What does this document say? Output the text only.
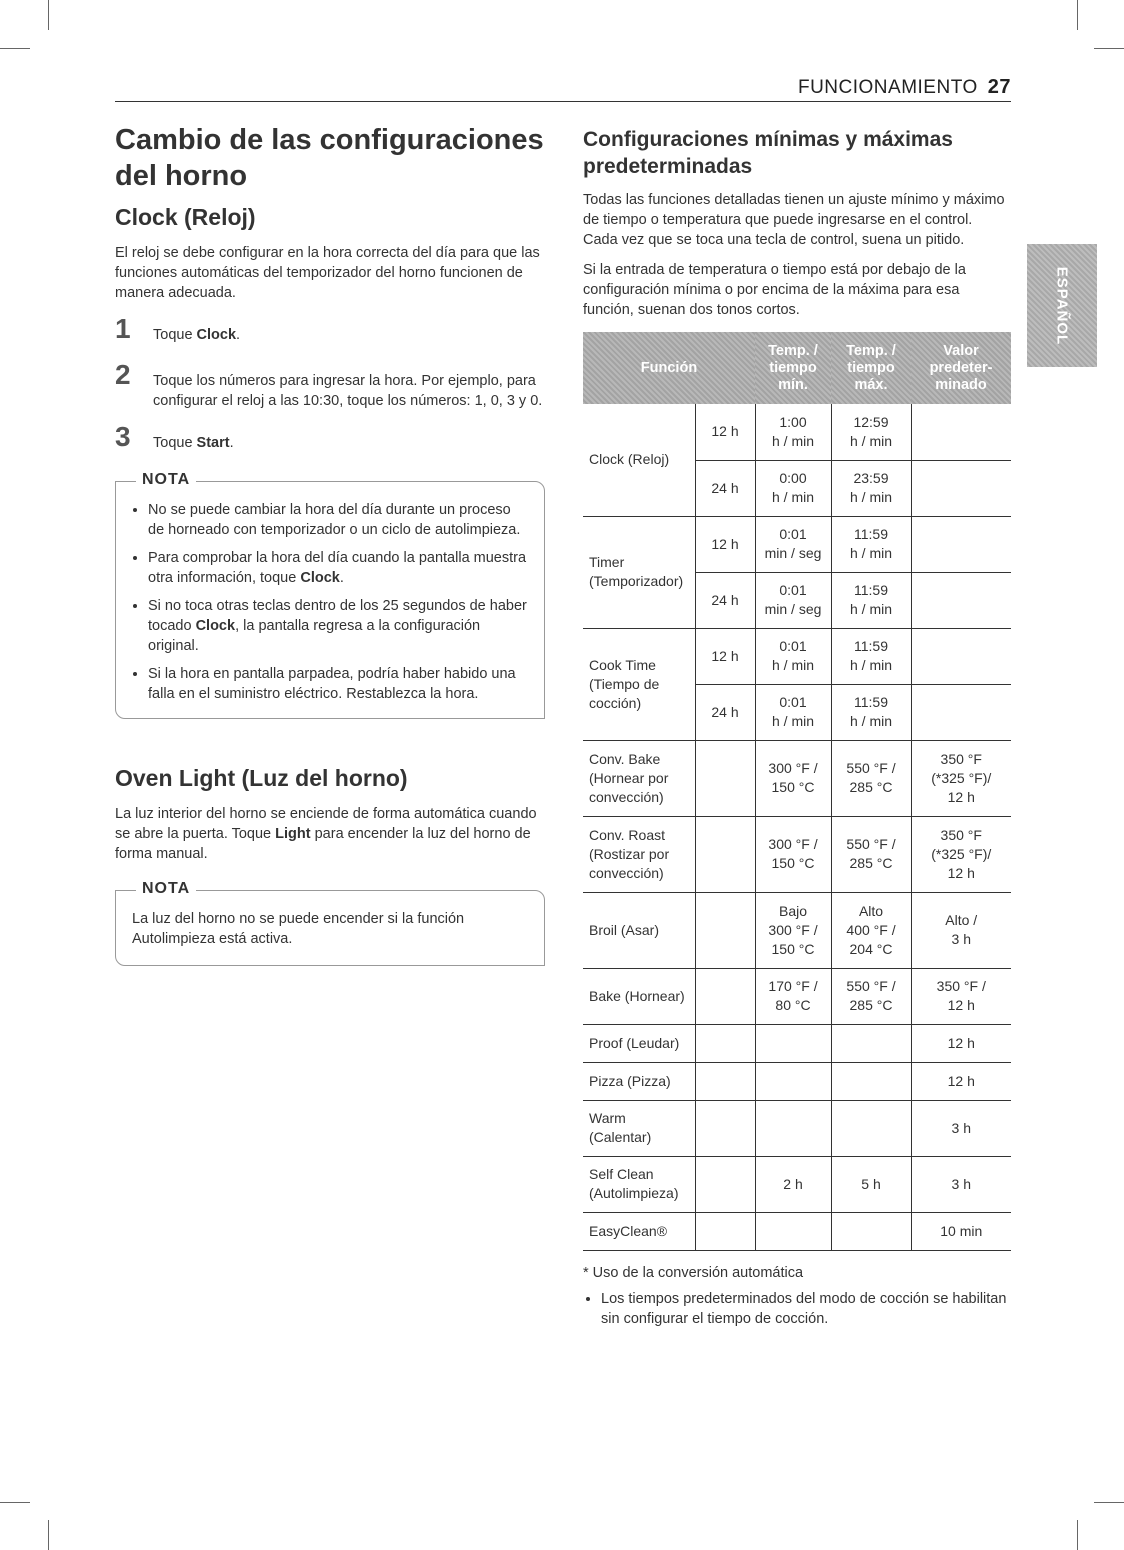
FUNCIONAMIENTO 27
ESPAÑOL
Cambio de las configuraciones del horno
Clock (Reloj)

El reloj se debe configurar en la hora correcta del día para que las funciones automáticas del temporizador del horno funcionen de manera adecuada.

1 Toque Clock.
2 Toque los números para ingresar la hora. Por ejemplo, para configurar el reloj a las 10:30, toque los números: 1, 0, 3 y 0.
3 Toque Start.
NOTA
• No se puede cambiar la hora del día durante un proceso de horneado con temporizador o un ciclo de autolimpieza.
• Para comprobar la hora del día cuando la pantalla muestra otra información, toque Clock.
• Si no toca otras teclas dentro de los 25 segundos de haber tocado Clock, la pantalla regresa a la configuración original.
• Si la hora en pantalla parpadea, podría haber habido una falla en el suministro eléctrico. Restablezca la hora.
Oven Light (Luz del horno)

La luz interior del horno se enciende de forma automática cuando se abre la puerta. Toque Light para encender la luz del horno de forma manual.

NOTA

La luz del horno no se puede encender si la función Autolimpieza está activa.

Configuraciones mínimas y máximas predeterminadas

Todas las funciones detalladas tienen un ajuste mínimo y máximo de tiempo o temperatura que puede ingresarse en el control. Cada vez que se toca una tecla de control, suena un pitido.

Si la entrada de temperatura o tiempo está por debajo de la configuración mínima o por encima de la máxima para esa función, suenan dos tonos cortos.

Función		Temp. / tiempo mín.	Temp. / tiempo máx.	Valor predeter-minado
Clock (Reloj)	12 h	1:00
h / min	12:59
h / min	
	24 h	0:00
h / min	23:59
h / min	
Timer
(Temporizador)	12 h	0:01
min / seg	11:59
h / min	
	24 h	0:01
min / seg	11:59
h / min	
Cook Time
(Tiempo de
cocción)	12 h	0:01
h / min	11:59
h / min	
	24 h	0:01
h / min	11:59
h / min	
Conv. Bake
(Hornear por
convección)		300 °F /
150 °C	550 °F /
285 °C	350 °F
(*325 °F)/
12 h
Conv. Roast
(Rostizar por
convección)		300 °F /
150 °C	550 °F /
285 °C	350 °F
(*325 °F)/
12 h
Broil (Asar)		Bajo
300 °F /
150 °C	Alto
400 °F /
204 °C	Alto /
3 h
Bake (Hornear)		170 °F /
80 °C	550 °F /
285 °C	350 °F /
12 h
Proof (Leudar)				12 h
Pizza (Pizza)				12 h
Warm
(Calentar)				3 h
Self Clean
(Autolimpieza)		2 h	5 h	3 h
EasyClean®				10 min
* Uso de la conversión automática
• Los tiempos predeterminados del modo de cocción se habilitan sin configurar el tiempo de cocción.
